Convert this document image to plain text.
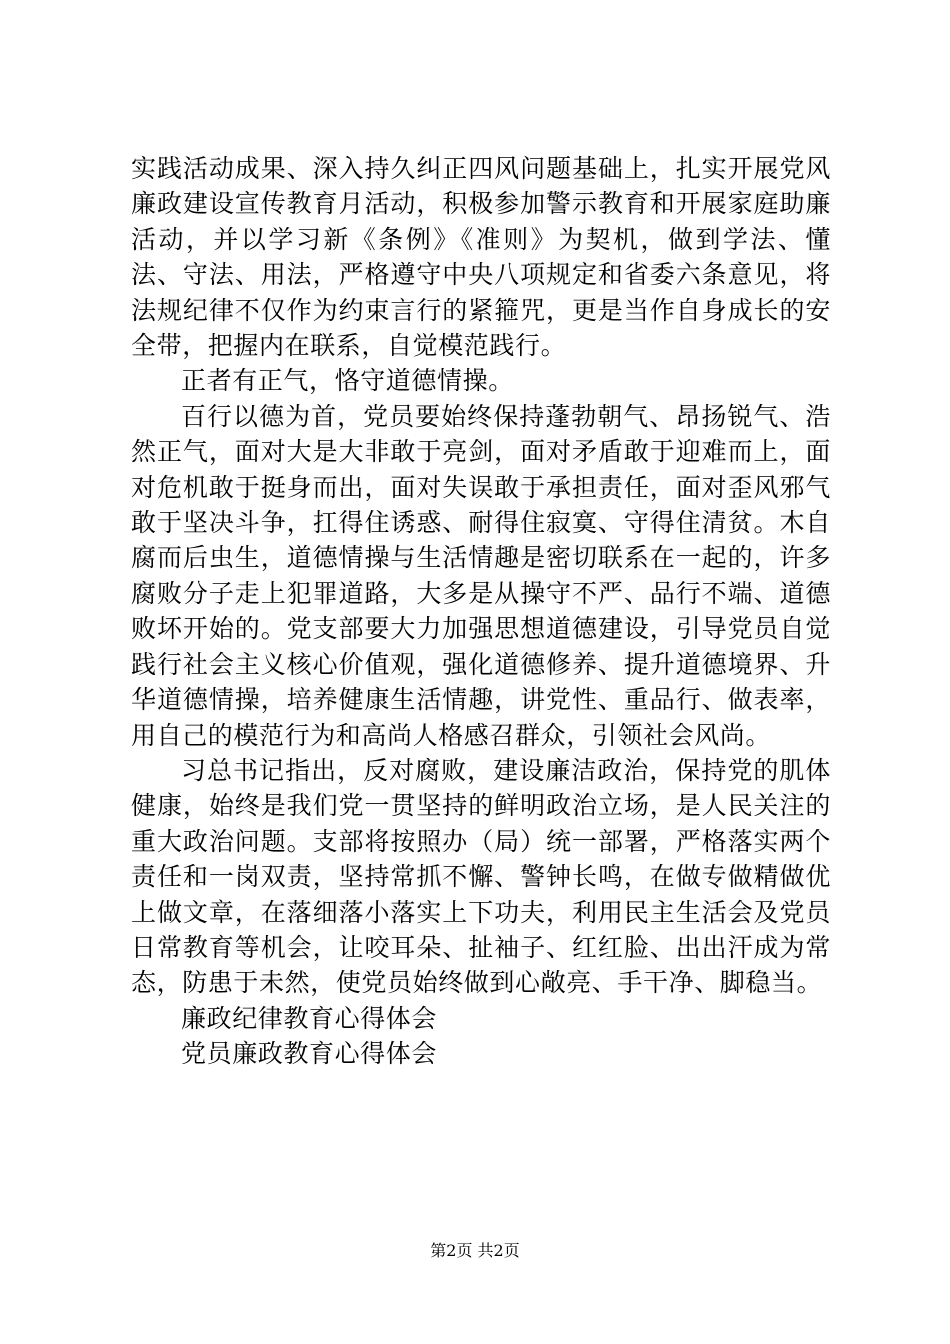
实践活动成果、深入持久纠正四风问题基础上，扎实开展党风廉政建设宣传教育月活动，积极参加警示教育和开展家庭助廉活动，并以学习新《条例》《准则》为契机，做到学法、懂法、守法、用法，严格遵守中央八项规定和省委六条意见，将法规纪律不仅作为约束言行的紧箍咒，更是当作自身成长的安全带，把握内在联系，自觉模范践行。

正者有正气，恪守道德情操。

百行以德为首，党员要始终保持蓬勃朝气、昂扬锐气、浩然正气，面对大是大非敢于亮剑，面对矛盾敢于迎难而上，面对危机敢于挺身而出，面对失误敢于承担责任，面对歪风邪气敢于坚决斗争，扛得住诱惑、耐得住寂寞、守得住清贫。木自腐而后虫生，道德情操与生活情趣是密切联系在一起的，许多腐败分子走上犯罪道路，大多是从操守不严、品行不端、道德败坏开始的。党支部要大力加强思想道德建设，引导党员自觉践行社会主义核心价值观，强化道德修养、提升道德境界、升华道德情操，培养健康生活情趣，讲党性、重品行、做表率，用自己的模范行为和高尚人格感召群众，引领社会风尚。

习总书记指出，反对腐败，建设廉洁政治，保持党的肌体健康，始终是我们党一贯坚持的鲜明政治立场，是人民关注的重大政治问题。支部将按照办（局）统一部署，严格落实两个责任和一岗双责，坚持常抓不懈、警钟长鸣，在做专做精做优上做文章，在落细落小落实上下功夫，利用民主生活会及党员日常教育等机会，让咬耳朵、扯袖子、红红脸、出出汗成为常态，防患于未然，使党员始终做到心敞亮、手干净、脚稳当。

廉政纪律教育心得体会

党员廉政教育心得体会

第2页 共2页
